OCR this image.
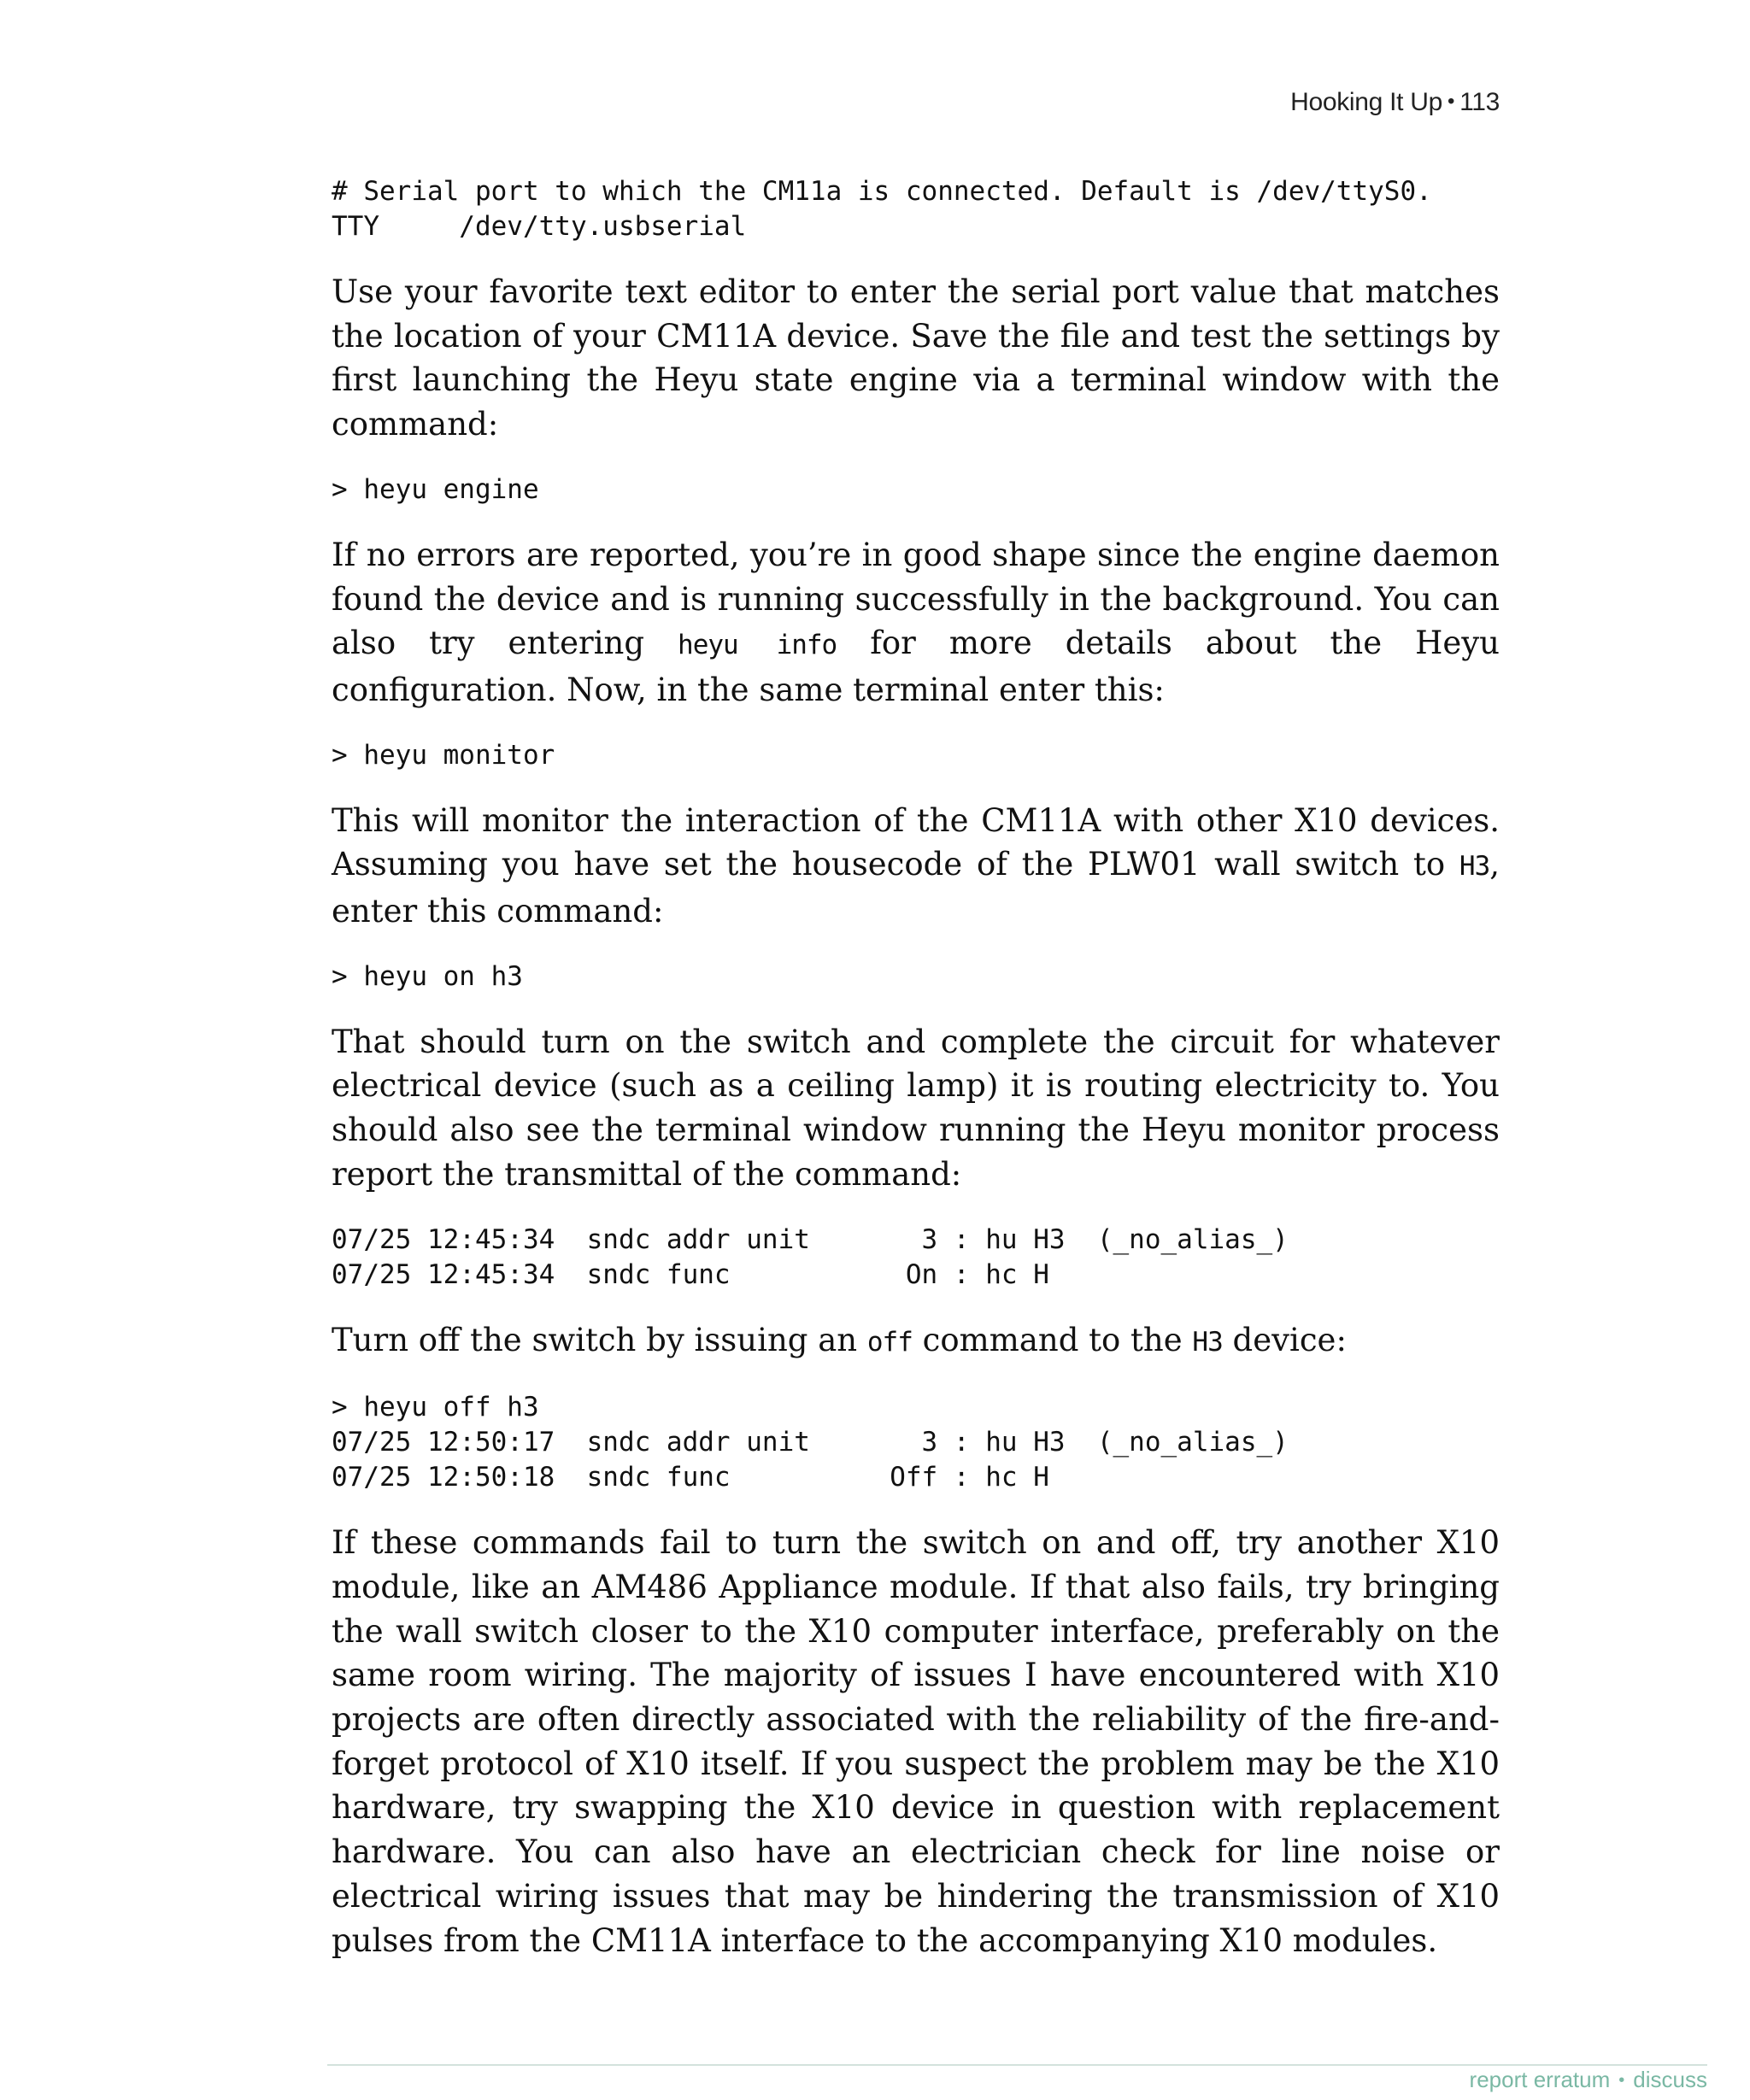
Hooking It Up • 113
# Serial port to which the CM11a is connected. Default is /dev/ttyS0.
TTY     /dev/tty.usbserial

Use your favorite text editor to enter the serial port value that matches the location of your CM11A device. Save the file and test the settings by first launching the Heyu state engine via a terminal window with the command:

> heyu engine

If no errors are reported, you’re in good shape since the engine daemon found the device and is running successfully in the background. You can also try entering heyu info for more details about the Heyu configuration. Now, in the same terminal enter this:

> heyu monitor

This will monitor the interaction of the CM11A with other X10 devices. Assuming you have set the housecode of the PLW01 wall switch to H3, enter this command:

> heyu on h3

That should turn on the switch and complete the circuit for whatever electrical device (such as a ceiling lamp) it is routing electricity to. You should also see the terminal window running the Heyu monitor process report the transmittal of the command:

07/25 12:45:34  sndc addr unit       3 : hu H3  (_no_alias_)
07/25 12:45:34  sndc func           On : hc H

Turn off the switch by issuing an off command to the H3 device:

> heyu off h3
07/25 12:50:17  sndc addr unit       3 : hu H3  (_no_alias_)
07/25 12:50:18  sndc func          Off : hc H

If these commands fail to turn the switch on and off, try another X10 module, like an AM486 Appliance module. If that also fails, try bringing the wall switch closer to the X10 computer interface, preferably on the same room wiring. The majority of issues I have encountered with X10 projects are often directly associated with the reliability of the fire-and-forget protocol of X10 itself. If you suspect the problem may be the X10 hardware, try swapping the X10 device in question with replacement hardware. You can also have an electrician check for line noise or electrical wiring issues that may be hindering the transmission of X10 pulses from the CM11A interface to the accompanying X10 modules.

report erratum • discuss
